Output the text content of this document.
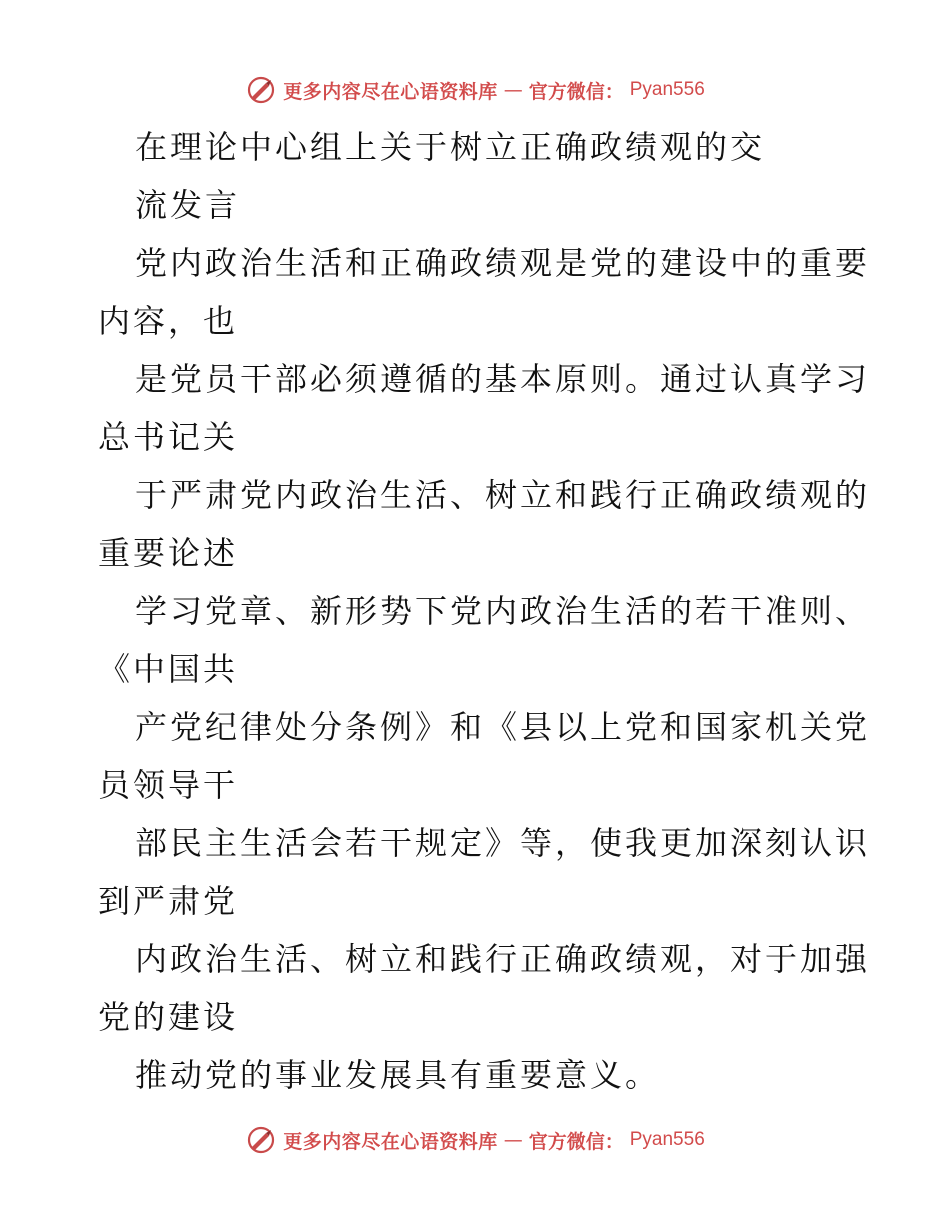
更多内容尽在心语资料库 — 官方微信： Pyan556
在理论中心组上关于树立正确政绩观的交
流发言
党内政治生活和正确政绩观是党的建设中的重要
内容，也
是党员干部必须遵循的基本原则。通过认真学习
总书记关
于严肃党内政治生活、树立和践行正确政绩观的
重要论述
学习党章、新形势下党内政治生活的若干准则、
《中国共
产党纪律处分条例》和《县以上党和国家机关党
员领导干
部民主生活会若干规定》等，使我更加深刻认识
到严肃党
内政治生活、树立和践行正确政绩观，对于加强
党的建设
推动党的事业发展具有重要意义。
更多内容尽在心语资料库 — 官方微信： Pyan556
